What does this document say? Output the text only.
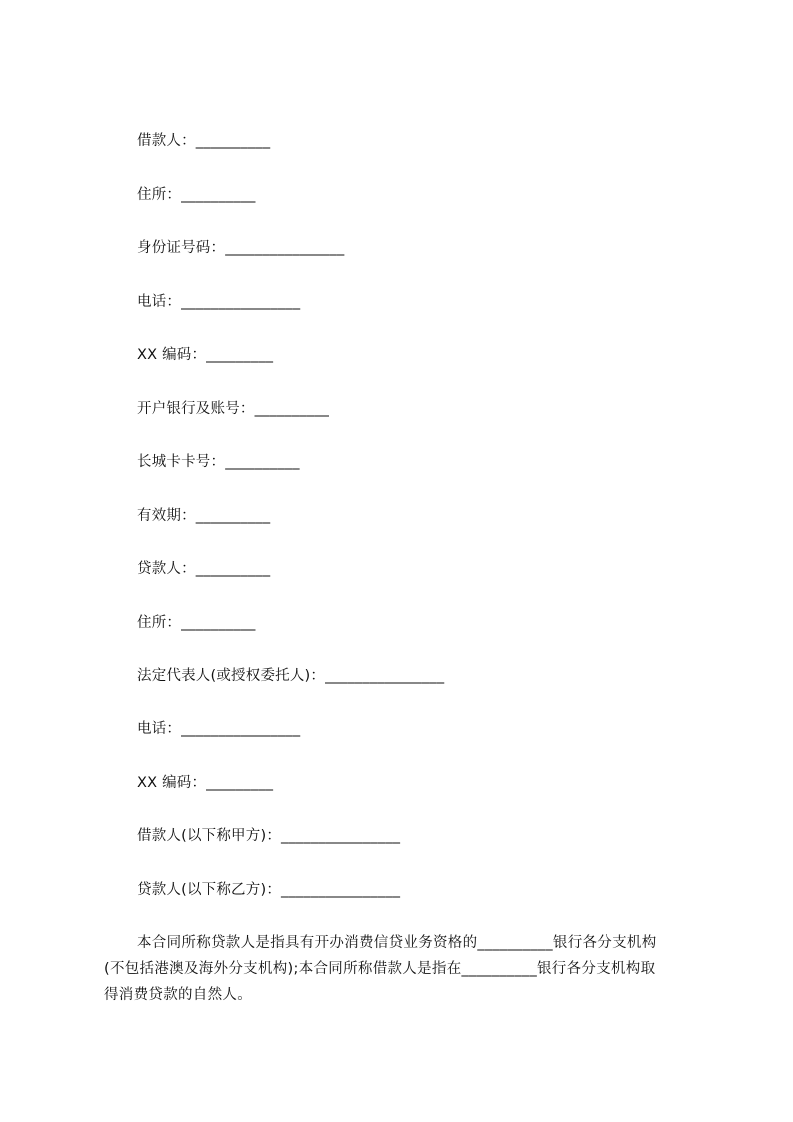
借款人：__________
住所：__________
身份证号码：________________
电话：________________
XX 编码：_________
开户银行及账号：__________
长城卡卡号：__________
有效期：__________
贷款人：__________
住所：__________
法定代表人(或授权委托人)：________________
电话：________________
XX 编码：_________
借款人(以下称甲方)：________________
贷款人(以下称乙方)：________________
本合同所称贷款人是指具有开办消费信贷业务资格的__________银行各分支机构
(不包括港澳及海外分支机构);本合同所称借款人是指在__________银行各分支机构取
得消费贷款的自然人。
